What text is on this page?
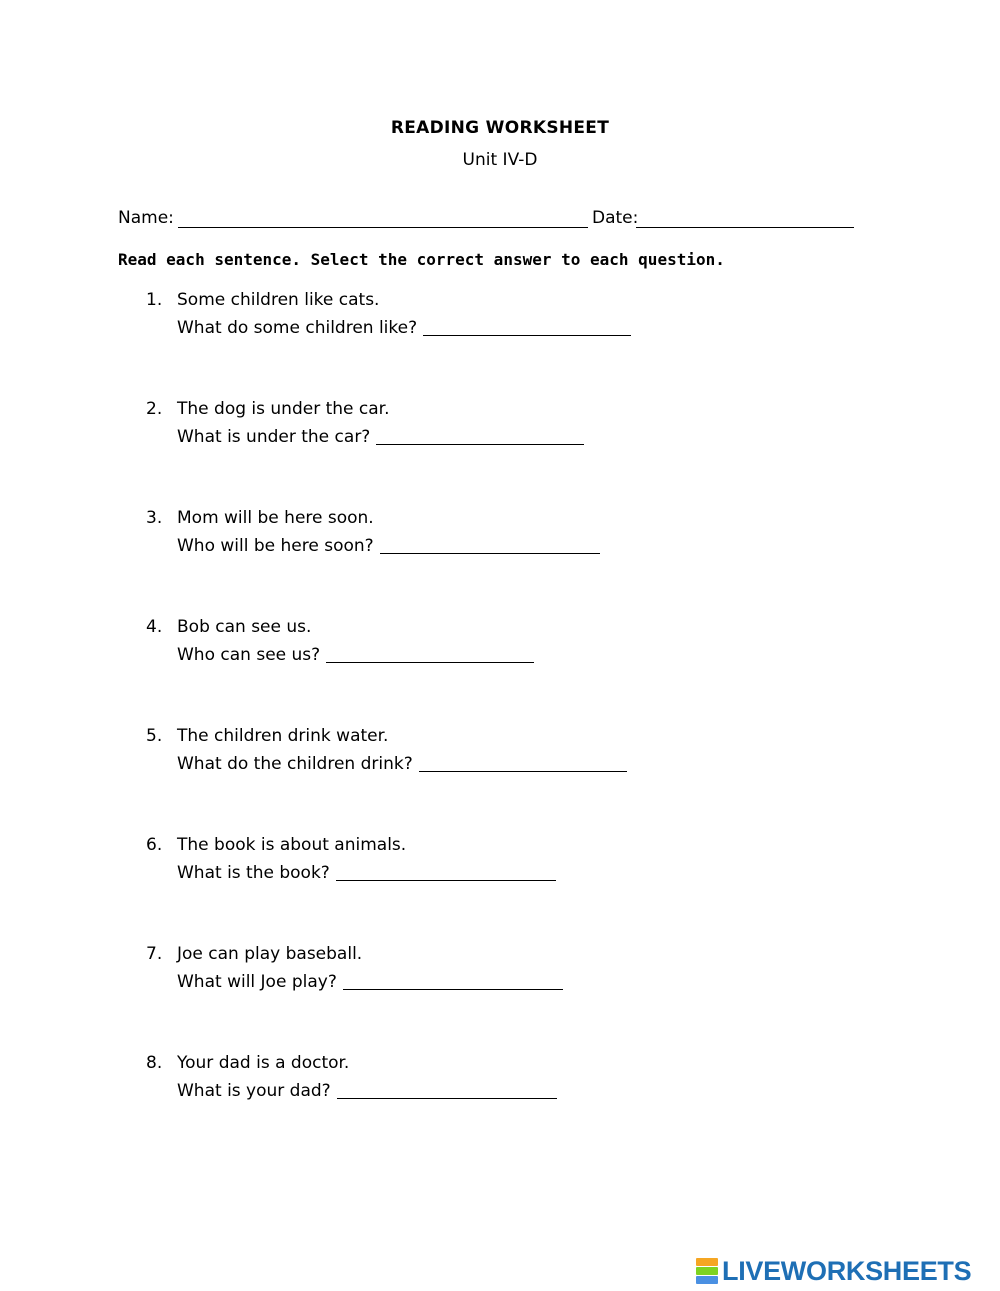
READING WORKSHEET
Unit IV-D
Name:	Date:
Read each sentence. Select the correct answer to each question.
1. Some children like cats.
What do some children like?
2. The dog is under the car.
What is under the car?
3. Mom will be here soon.
Who will be here soon?
4. Bob can see us.
Who can see us?
5. The children drink water.
What do the children drink?
6. The book is about animals.
What is the book?
7. Joe can play baseball.
What will Joe play?
8. Your dad is a doctor.
What is your dad?
LIVEWORKSHEETS
